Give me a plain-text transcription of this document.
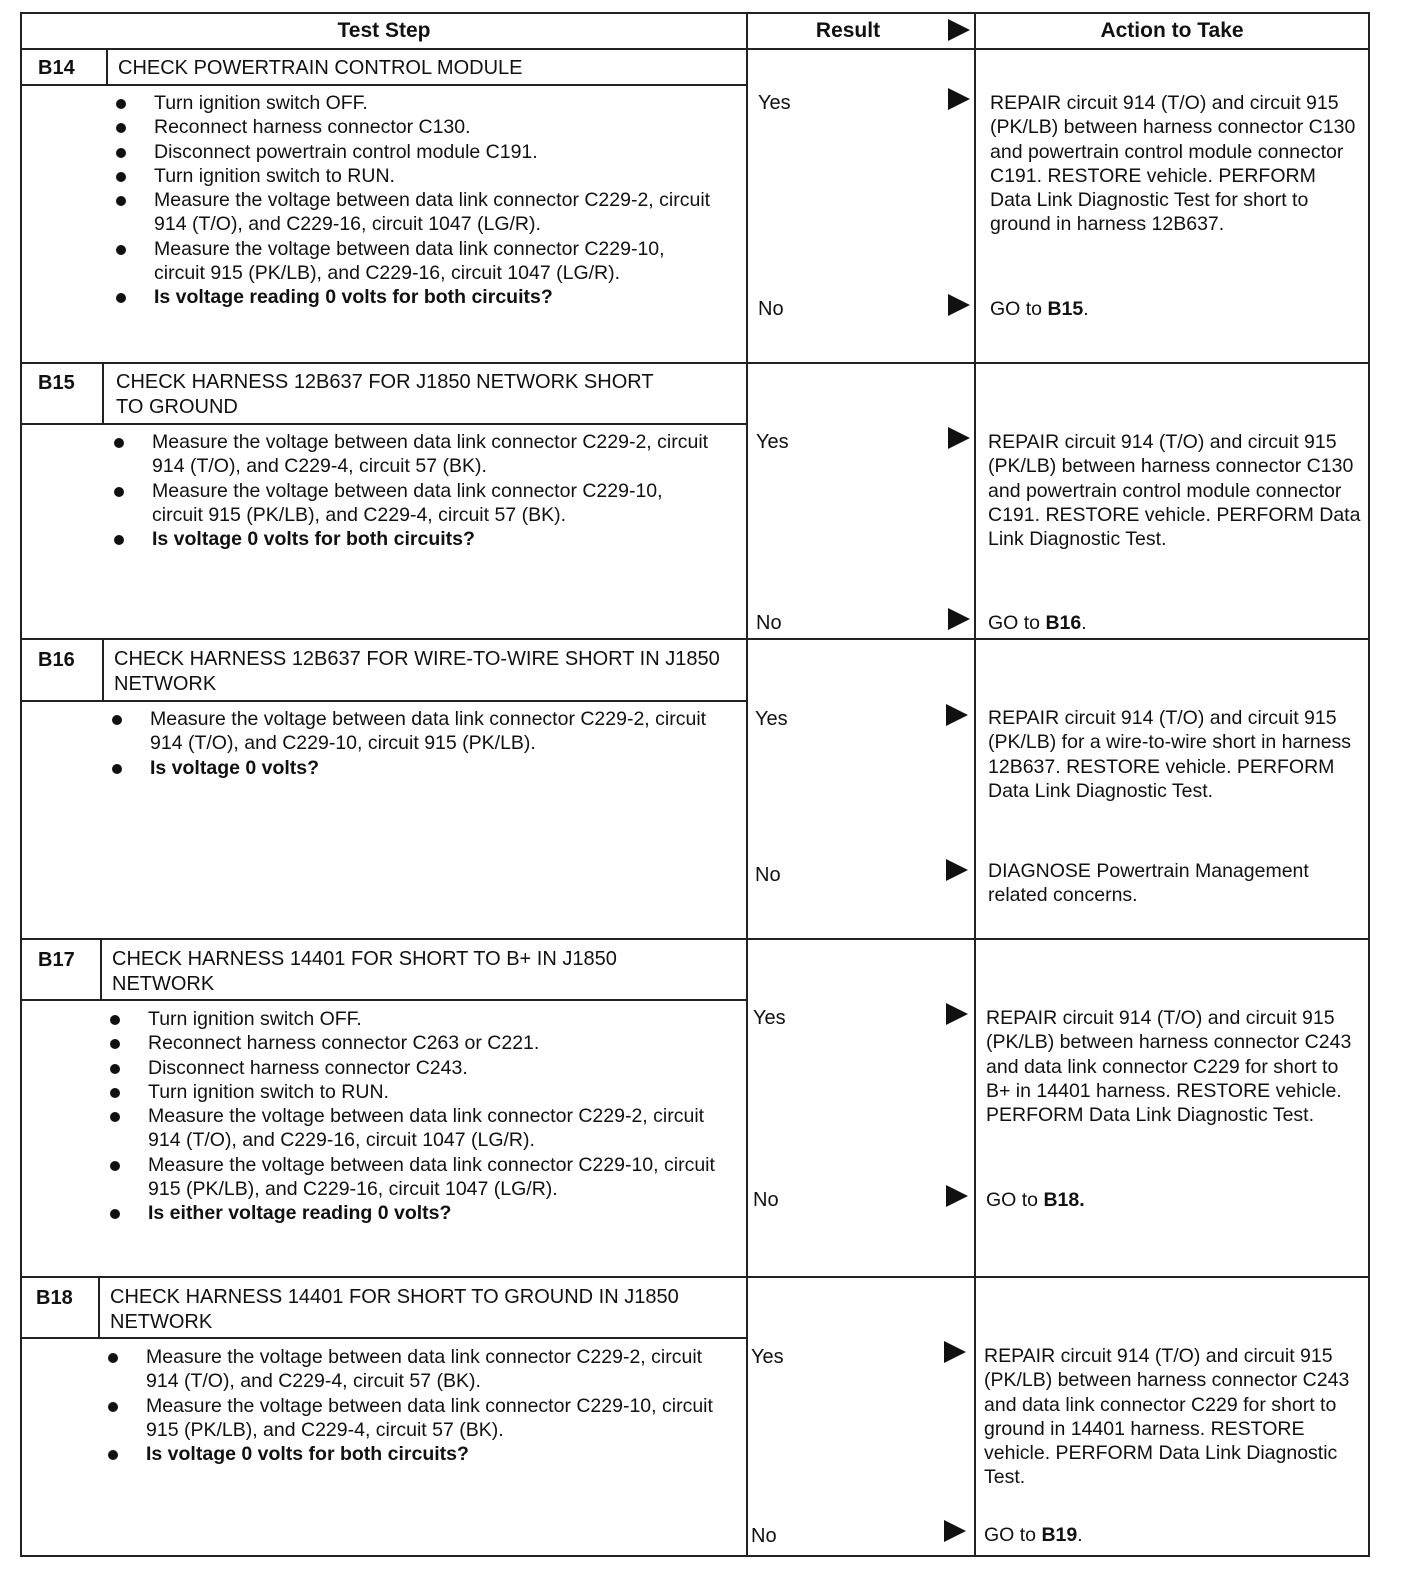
Test Step	Result	Action to Take
B14 CHECK POWERTRAIN CONTROL MODULE
Turn ignition switch OFF.
Reconnect harness connector C130.
Disconnect powertrain control module C191.
Turn ignition switch to RUN.
Measure the voltage between data link connector C229-2, circuit 914 (T/O), and C229-16, circuit 1047 (LG/R).
Measure the voltage between data link connector C229-10, circuit 915 (PK/LB), and C229-16, circuit 1047 (LG/R).
Is voltage reading 0 volts for both circuits?
Yes	REPAIR circuit 914 (T/O) and circuit 915 (PK/LB) between harness connector C130 and powertrain control module connector C191. RESTORE vehicle. PERFORM Data Link Diagnostic Test for short to ground in harness 12B637.
No	GO to B15.
B15 CHECK HARNESS 12B637 FOR J1850 NETWORK SHORT TO GROUND
Measure the voltage between data link connector C229-2, circuit 914 (T/O), and C229-4, circuit 57 (BK).
Measure the voltage between data link connector C229-10, circuit 915 (PK/LB), and C229-4, circuit 57 (BK).
Is voltage 0 volts for both circuits?
Yes	REPAIR circuit 914 (T/O) and circuit 915 (PK/LB) between harness connector C130 and powertrain control module connector C191. RESTORE vehicle. PERFORM Data Link Diagnostic Test.
No	GO to B16.
B16 CHECK HARNESS 12B637 FOR WIRE-TO-WIRE SHORT IN J1850 NETWORK
Measure the voltage between data link connector C229-2, circuit 914 (T/O), and C229-10, circuit 915 (PK/LB).
Is voltage 0 volts?
Yes	REPAIR circuit 914 (T/O) and circuit 915 (PK/LB) for a wire-to-wire short in harness 12B637. RESTORE vehicle. PERFORM Data Link Diagnostic Test.
No	DIAGNOSE Powertrain Management related concerns.
B17 CHECK HARNESS 14401 FOR SHORT TO B+ IN J1850 NETWORK
Turn ignition switch OFF.
Reconnect harness connector C263 or C221.
Disconnect harness connector C243.
Turn ignition switch to RUN.
Measure the voltage between data link connector C229-2, circuit 914 (T/O), and C229-16, circuit 1047 (LG/R).
Measure the voltage between data link connector C229-10, circuit 915 (PK/LB), and C229-16, circuit 1047 (LG/R).
Is either voltage reading 0 volts?
Yes	REPAIR circuit 914 (T/O) and circuit 915 (PK/LB) between harness connector C243 and data link connector C229 for short to B+ in 14401 harness. RESTORE vehicle. PERFORM Data Link Diagnostic Test.
No	GO to B18.
B18 CHECK HARNESS 14401 FOR SHORT TO GROUND IN J1850 NETWORK
Measure the voltage between data link connector C229-2, circuit 914 (T/O), and C229-4, circuit 57 (BK).
Measure the voltage between data link connector C229-10, circuit 915 (PK/LB), and C229-4, circuit 57 (BK).
Is voltage 0 volts for both circuits?
Yes	REPAIR circuit 914 (T/O) and circuit 915 (PK/LB) between harness connector C243 and data link connector C229 for short to ground in 14401 harness. RESTORE vehicle. PERFORM Data Link Diagnostic Test.
No	GO to B19.
